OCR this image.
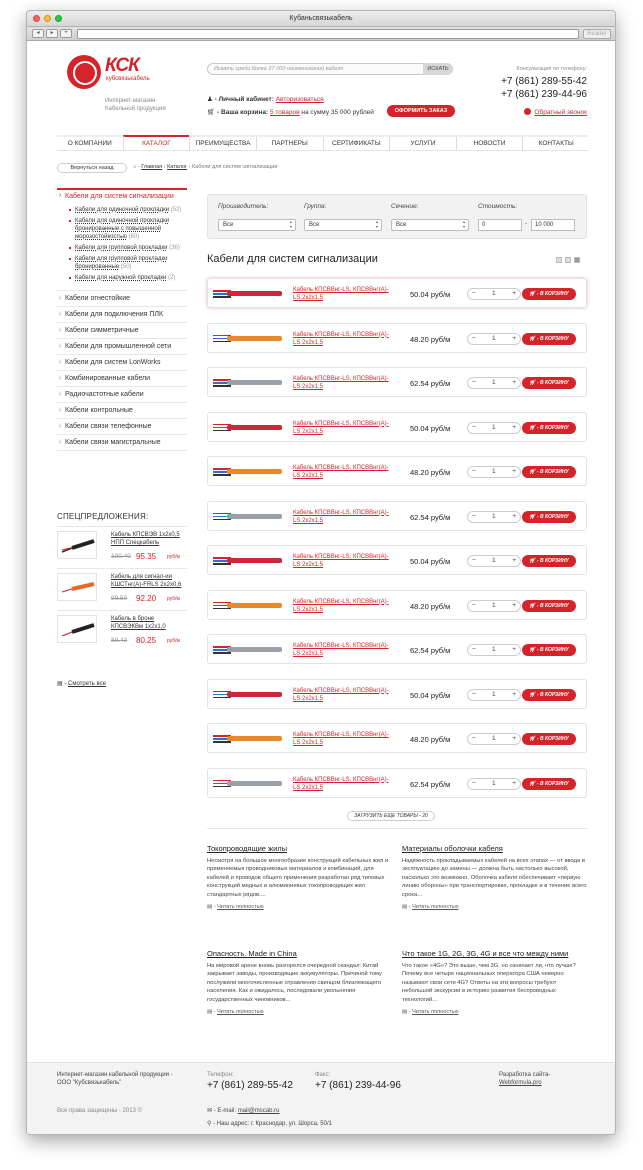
Кубаньсвязькабель
◂	▸	+	Reader
КСК
кубсвязькабель
Интернет-магазин
Кабельной продукции
Искать среди более 27 000 наименований кабеля	ИСКАТЬ
♟ - Личный кабинет: Авторизоваться
🛒︎ - Ваша корзина: 5 товаров на сумму 35 000 рублей	ОФОРМИТЬ ЗАКАЗ
Консультация по телефону:
+7 (861) 289-55-42
+7 (861) 239-44-96
Обратный звонок
О КОМПАНИИ	КАТАЛОГ	ПРЕИМУЩЕСТВА	ПАРТНЕРЫ	СЕРТИФИКАТЫ	УСЛУГИ	НОВОСТИ	КОНТАКТЫ
Вернуться назад	⌂ - Главная › Каталог › Кабели для систем сигнализации
› Кабели для систем сигнализации
Кабели для одиночной прокладки (52)
Кабели для одиночной прокладки бронированные с повышенной морозостойкостью (60)
Кабели для групповой прокладки (36)
Кабели для групповой прокладки бронированные (50)
Кабели для наружной прокладки (2)
› Кабели огнестойкие
› Кабели для подключения ПЛК
› Кабели симметричные
› Кабели для промышленной сети
› Кабели для систем LonWorks
› Комбинированные кабели
› Радиочастотные кабели
› Кабели контрольные
› Кабели связи телефонные
› Кабели связи магистральные
СПЕЦПРЕДЛОЖЕНИЯ:
Кабель КПСВЭВ 1х2х0,5 НПП Спецкабель
100.40 95.35 руб/м
Кабель для сигнал-ии КШСТнг(А)-FRLS 2х2х0,6
99.50 92.20 руб/м
Кабель в броне КПСВЭКВм 1х2х1,0
88.43 80.25 руб/м
▤ - Смотреть все
Производитель:
Все ▴▾
Группа:
Все ▴▾
Сечение:
Все ▴▾
Стоимость:
0	-	10 000
Кабели для систем сигнализации
Кабель КПСВВнг-LS, КПСВВнг(А)-LS 2х2х1,5	50.04 руб/м	− 1	+	🛒︎ - В КОРЗИНУ
Кабель КПСВВнг-LS, КПСВВнг(А)-LS 2х2х1,5	48.20 руб/м	− 1	+	🛒︎ - В КОРЗИНУ
Кабель КПСВВнг-LS, КПСВВнг(А)-LS 2х2х1,5	62.54 руб/м	− 1	+	🛒︎ - В КОРЗИНУ
Кабель КПСВВнг-LS, КПСВВнг(А)-LS 2х2х1,5	50.04 руб/м	− 1	+	🛒︎ - В КОРЗИНУ
Кабель КПСВВнг-LS, КПСВВнг(А)-LS 2х2х1,5	48.20 руб/м	− 1	+	🛒︎ - В КОРЗИНУ
Кабель КПСВВнг-LS, КПСВВнг(А)-LS 2х2х1,5	62.54 руб/м	− 1	+	🛒︎ - В КОРЗИНУ
Кабель КПСВВнг-LS, КПСВВнг(А)-LS 2х2х1,5	50.04 руб/м	− 1	+	🛒︎ - В КОРЗИНУ
Кабель КПСВВнг-LS, КПСВВнг(А)-LS 2х2х1,5	48.20 руб/м	− 1	+	🛒︎ - В КОРЗИНУ
Кабель КПСВВнг-LS, КПСВВнг(А)-LS 2х2х1,5	62.54 руб/м	− 1	+	🛒︎ - В КОРЗИНУ
Кабель КПСВВнг-LS, КПСВВнг(А)-LS 2х2х1,5	50.04 руб/м	− 1	+	🛒︎ - В КОРЗИНУ
Кабель КПСВВнг-LS, КПСВВнг(А)-LS 2х2х1,5	48.20 руб/м	− 1	+	🛒︎ - В КОРЗИНУ
Кабель КПСВВнг-LS, КПСВВнг(А)-LS 2х2х1,5	62.54 руб/м	− 1	+	🛒︎ - В КОРЗИНУ
ЗАГРУЗИТЬ ЕЩЕ ТОВАРЫ - 20
Токопроводящие жилы
Несмотря на большое многообразие конструкций кабельных жил и применяемых проводниковых материалов и комбинаций, для кабелей и проводов общего применения разработан ряд типовых конструкций медных и алюминиевых токопроводящих жил стандартных рядов....
▤ - Читать полностью
Материалы оболочки кабеля
Надёжность прокладываемых кабелей на всех этапах — от ввода в эксплуатацию до замены — должна быть настолько высокой, насколько это возможно. Оболочка кабеля обеспечивает «первую линию обороны» при транспортировке, прокладке и в течение всего срока...
▤ - Читать полностью
Опасность. Made in China
На мировой арене вновь разгорелся очередной скандал: Китай закрывает заводы, производящие аккумуляторы. Причиной тому послужили многочисленные отравления свинцом близлежащего населения. Как и ожидалось, последовали увольнения государственных чиновников...
▤ - Читать полностью
Что такое 1G, 2G, 3G, 4G и все что между ними
Что такое «4G»? Это выше, чем 3G, но означает ли, что лучше? Почему все четыре национальных оператора США неверно называют свои сети 4G? Ответы на эти вопросы требуют небольшой экскурсии в историю развития беспроводных технологий...
▤ - Читать полностью
Интернет-магазин кабельной продукции -
ООО "Кубсвязькабель"
Все права защищены - 2013 ©
Телефон:
+7 (861) 289-55-42
Факс:
+7 (861) 239-44-96
✉ - E-mail: mail@mscab.ru
⚲ - Наш адрес: г. Краснодар, ул. Шорса, 50/1
Разработка сайта-
Webformula.pro
